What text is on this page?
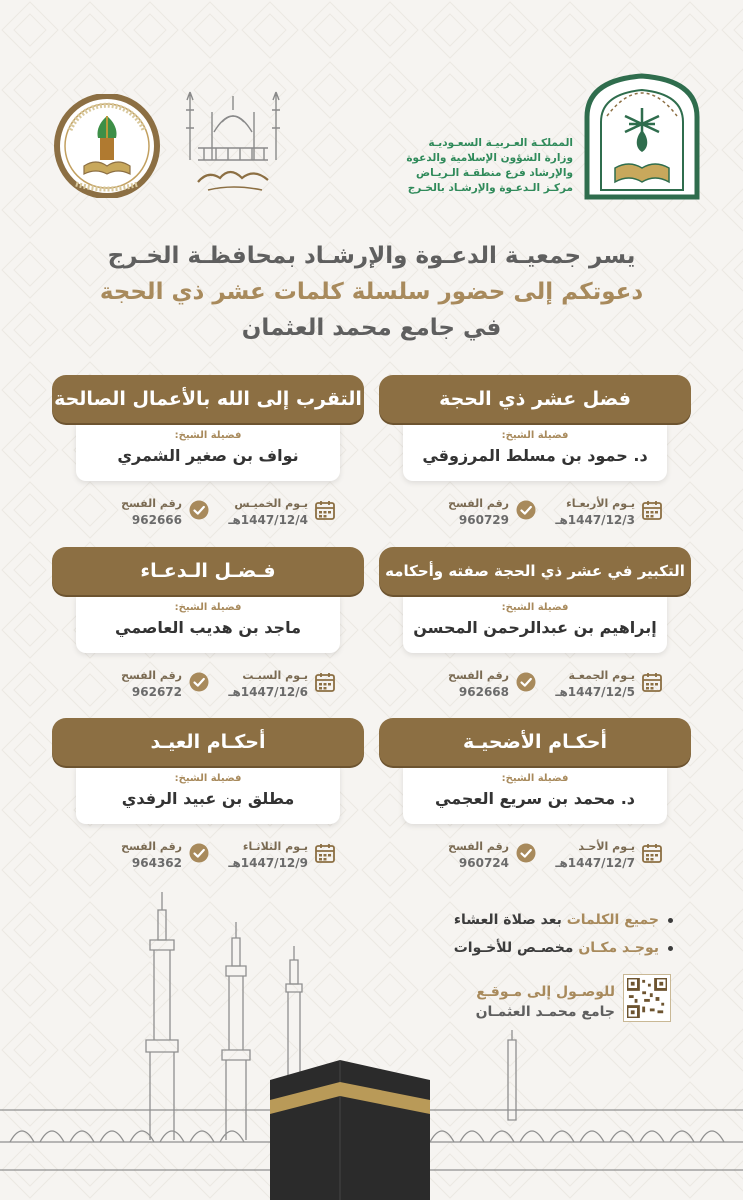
المملكـة العـربيـة السعـوديـة
وزارة الشؤون الإسلامية والدعوة
والإرشاد فرع منطقـة الـريـاض
مركـز الـدعـوة والإرشـاد بالخـرج
يسر جمعيـة الدعـوة والإرشـاد بمحافظـة الخـرج
دعوتكم إلى حضور سلسلة كلمات عشر ذي الحجة
في جامع محمد العثمان
فضل عشر ذي الحجة
فضيلة الشيخ:
د. حمود بن مسلط المرزوقي
يـوم الأربعـاء
1447/12/3هـ
رقم الفسح
960729
التقرب إلى الله بالأعمال الصالحة
فضيلة الشيخ:
نواف بن صغير الشمري
يـوم الخميـس
1447/12/4هـ
رقم الفسح
962666
التكبير في عشر ذي الحجة صفته وأحكامه
فضيلة الشيخ:
إبراهيم بن عبدالرحمن المحسن
يـوم الجمعـة
1447/12/5هـ
رقم الفسح
962668
فـضـل الـدعـاء
فضيلة الشيخ:
ماجد بن هديب العاصمي
يـوم السبـت
1447/12/6هـ
رقم الفسح
962672
أحكـام الأضحيـة
فضيلة الشيخ:
د. محمد بن سريع العجمي
يـوم الأحـد
1447/12/7هـ
رقم الفسح
960724
أحكـام العيـد
فضيلة الشيخ:
مطلق بن عبيد الرفدي
يـوم الثلاثـاء
1447/12/9هـ
رقم الفسح
964362
جميع الكلمات بعد صلاة العشاء
يوجـد مكـان مخصـص للأخـوات
للوصـول إلى مـوقـع
جامع محمـد العثمـان
